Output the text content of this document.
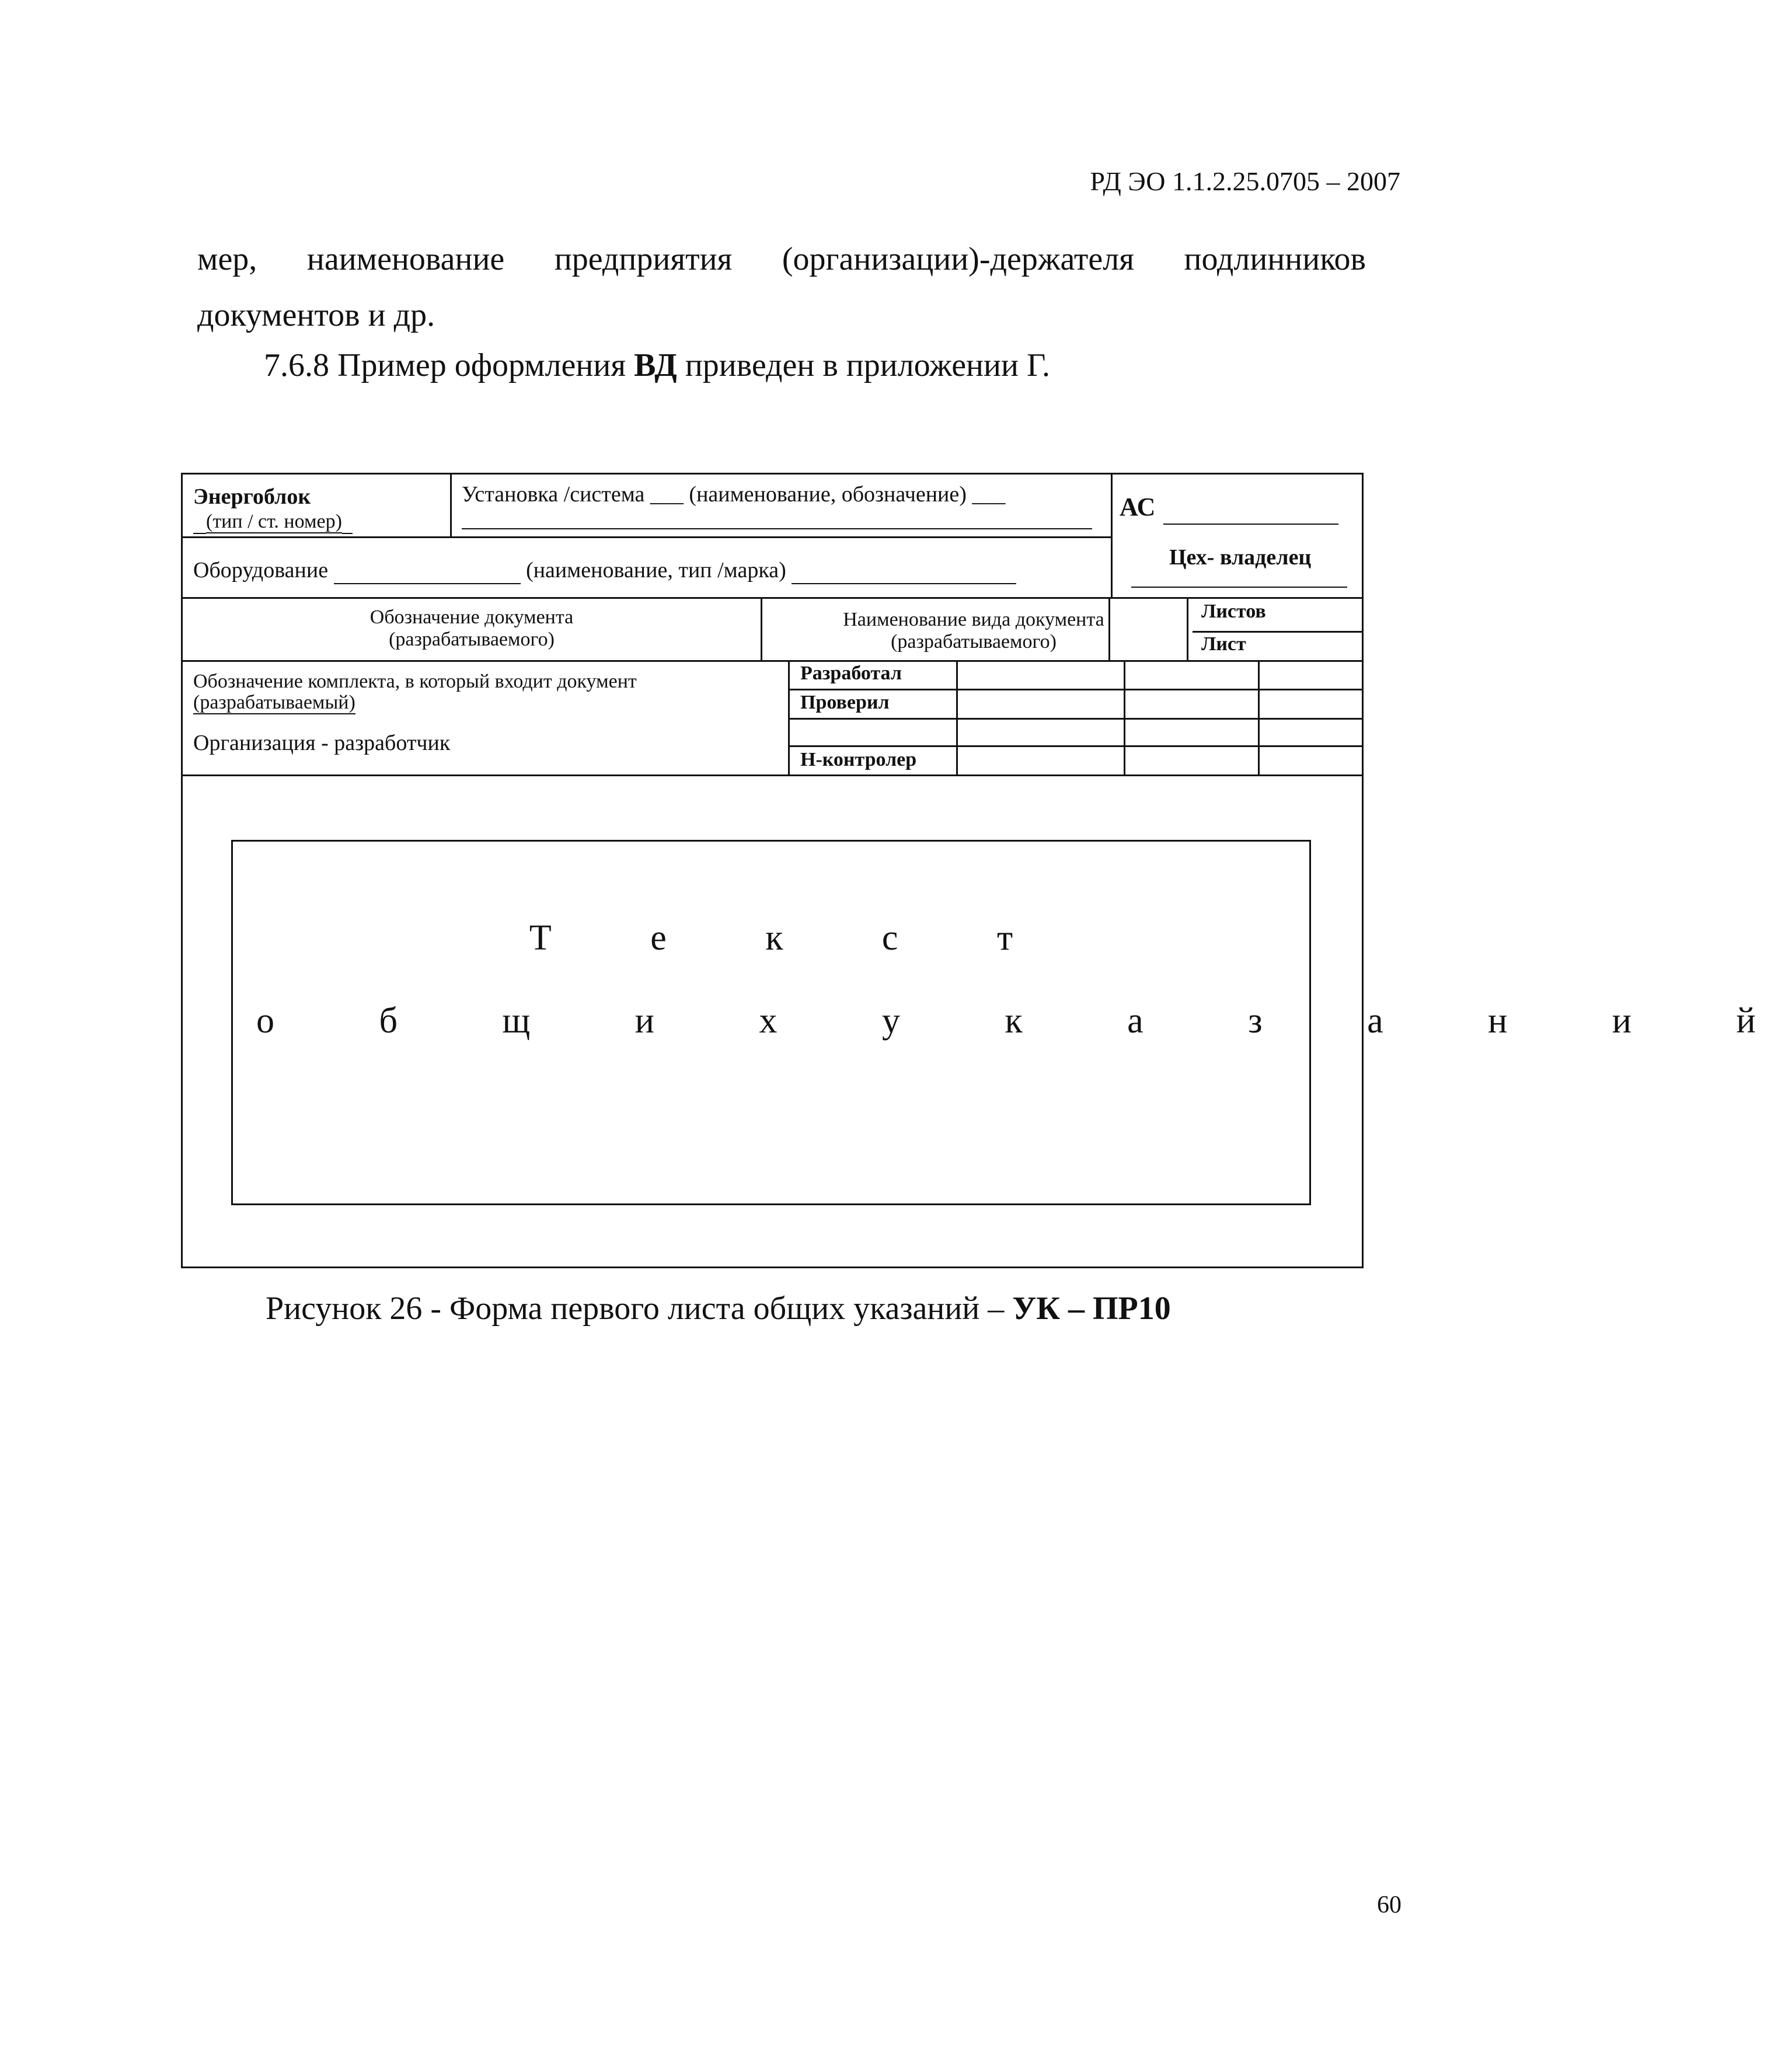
РД ЭО 1.1.2.25.0705 – 2007
мер, наименование предприятия (организации)-держателя подлинников документов и др.
7.6.8 Пример оформления ВД приведен в приложении Г.
Энергоблок
(тип / ст. номер)
Установка /система ___ (наименование, обозначение) ___	АС
Оборудование	(наименование, тип /марка)
Цех- владелец
Обозначение документа
(разрабатываемого)
Наименование вида документа
(разрабатываемого)
Листов
Лист
Обозначение комплекта, в который входит документ
(разрабатываемый)
Организация - разработчик
Разработал
Проверил
Н-контролер
Т е к с т
о б щ и х у к а з а н и й
Рисунок 26 - Форма первого листа общих указаний – УК – ПР10
60
